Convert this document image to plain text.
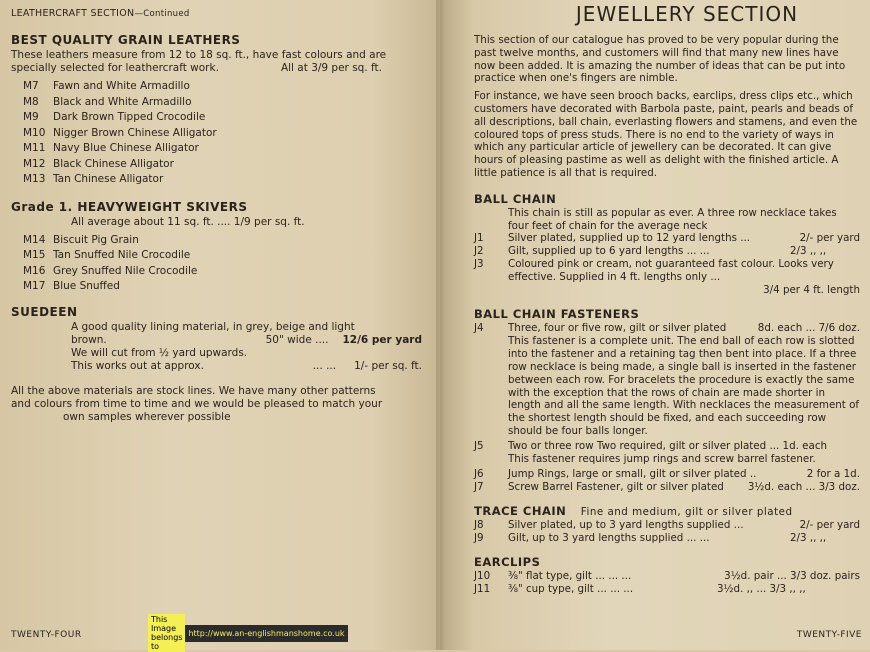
LEATHERCRAFT SECTION—Continued
BEST QUALITY GRAIN LEATHERS
These leathers measure from 12 to 18 sq. ft., have fast colours and are
specially selected for leathercraft work.	All at 3/9 per sq. ft.
M7	Fawn and White Armadillo
M8	Black and White Armadillo
M9	Dark Brown Tipped Crocodile
M10 Nigger Brown Chinese Alligator
M11 Navy Blue Chinese Alligator
M12 Black Chinese Alligator
M13 Tan Chinese Alligator
Grade 1. HEAVYWEIGHT SKIVERS
All average about 11 sq. ft. .... 1/9 per sq. ft.
M14 Biscuit Pig Grain
M15 Tan Snuffed Nile Crocodile
M16 Grey Snuffed Nile Crocodile
M17 Blue Snuffed
SUEDEEN
A good quality lining material, in grey, beige and light
brown.	50" wide .... 12/6 per yard
We will cut from ½ yard upwards.
This works out at approx.	... ... 1/- per sq. ft.
All the above materials are stock lines. We have many other patterns
and colours from time to time and we would be pleased to match your
own samples wherever possible
TWENTY-FOUR
JEWELLERY SECTION
This section of our catalogue has proved to be very popular during the past twelve months, and customers will find that many new lines have now been added. It is amazing the number of ideas that can be put into practice when one's fingers are nimble.
For instance, we have seen brooch backs, earclips, dress clips etc., which customers have decorated with Barbola paste, paint, pearls and beads of all descriptions, ball chain, everlasting flowers and stamens, and even the coloured tops of press studs. There is no end to the variety of ways in which any particular article of jewellery can be decorated. It can give hours of pleasing pastime as well as delight with the finished article. A little patience is all that is required.
BALL CHAIN
This chain is still as popular as ever. A three row necklace takes four feet of chain for the average neck
J1	Silver plated, supplied up to 12 yard lengths ...	2/- per yard
J2	Gilt, supplied up to 6 yard lengths ... ...	2/3 ,, ,,
J3	Coloured pink or cream, not guaranteed fast colour. Looks very effective. Supplied in 4 ft. lengths only ...
3/4 per 4 ft. length
BALL CHAIN FASTENERS
J4	Three, four or five row, gilt or silver plated	8d. each ... 7/6 doz.
This fastener is a complete unit. The end ball of each row is slotted into the fastener and a retaining tag then bent into place. If a three row necklace is being made, a single ball is inserted in the fastener between each row. For bracelets the procedure is exactly the same with the exception that the rows of chain are made shorter in length and all the same length. With necklaces the measurement of the shortest length should be fixed, and each succeeding row should be four balls longer.
J5	Two or three row Two required, gilt or silver plated ... 1d. each
This fastener requires jump rings and screw barrel fastener.
J6	Jump Rings, large or small, gilt or silver plated ..	2 for a 1d.
J7	Screw Barrel Fastener, gilt or silver plated	3½d. each ... 3/3 doz.
TRACE CHAIN Fine and medium, gilt or silver plated
J8	Silver plated, up to 3 yard lengths supplied ...	2/- per yard
J9	Gilt, up to 3 yard lengths supplied ... ...	2/3 ,, ,,
EARCLIPS
J10	⅜" flat type, gilt ... ... ...	3½d. pair ... 3/3 doz. pairs
J11	⅜" cup type, gilt ... ... ...	3½d. ,, ... 3/3 ,, ,,
TWENTY-FIVE
This Image
belongs to
http://www.an-englishmanshome.co.uk
